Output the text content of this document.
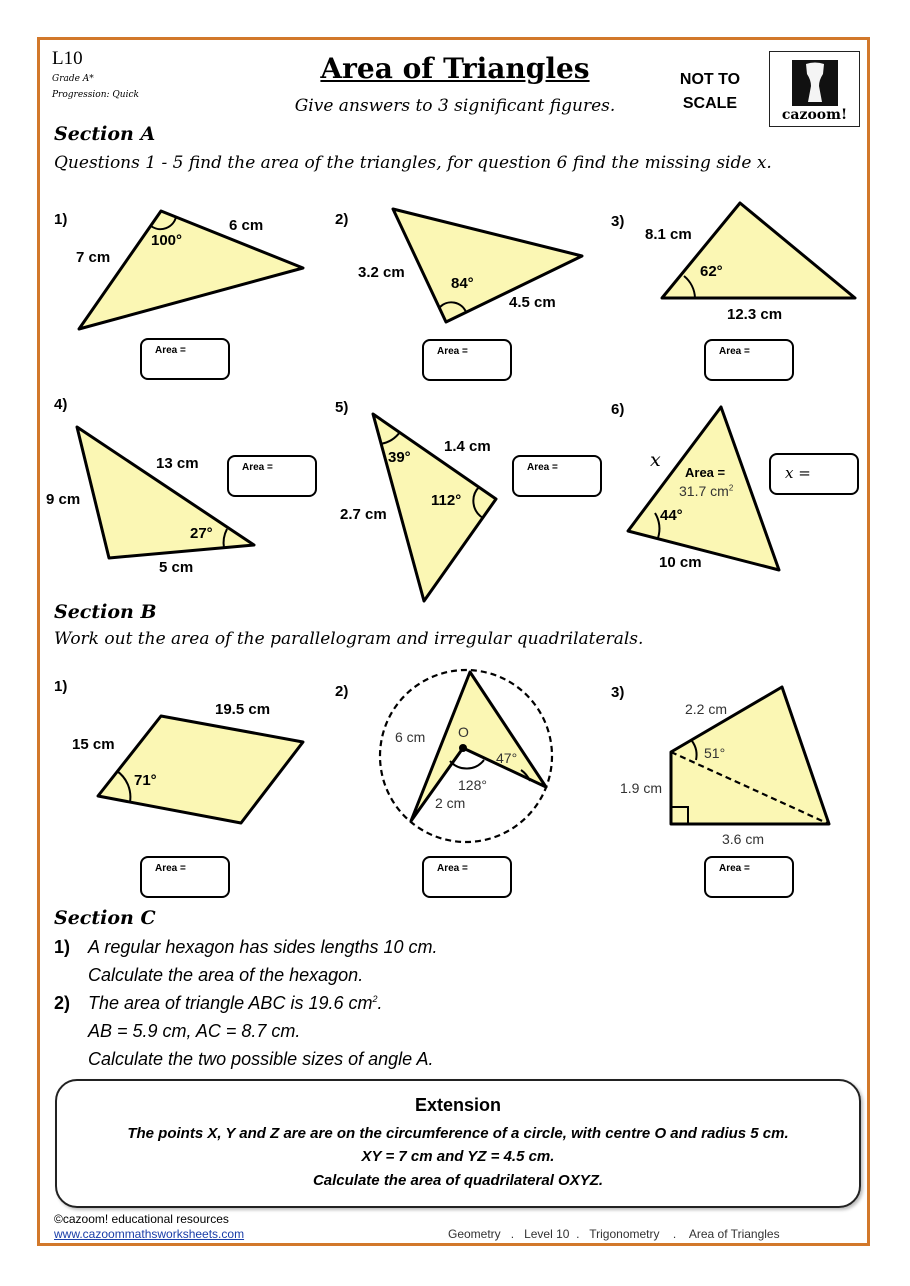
L10
Grade A*
Progression: Quick
Area of Triangles
Give answers to 3 significant figures.
NOT TO
SCALE
cazoom!
Section A
Questions 1 - 5 find the area of the triangles, for question 6 find the missing side x.
1)	6 cm
7 cm
100°
Area =
2)
3.2 cm
84°
4.5 cm
Area =
3)
8.1 cm
62°
12.3 cm
Area =
4)
13 cm
9 cm
27°
5 cm
Area =
5)
1.4 cm
39°
112°
2.7 cm
Area =
6)
x
Area =
31.7 $cm^2$
44°
10 cm
x =
Section B
Work out the area of the parallelogram and irregular quadrilaterals.
1)
19.5 cm
15 cm
71°
Area =
2)
6 cm O
47°
128°
2 cm
Area =
3)
2.2 cm
51°
1.9 cm
3.6 cm
Area =
Section C
1) A regular hexagon has sides lengths 10 cm.
Calculate the area of the hexagon.
2) The area of triangle ABC is 19.6 $cm^2$.
AB = 5.9 cm, AC = 8.7 cm.
Calculate the two possible sizes of angle A.
Extension
The points X, Y and Z are are on the circumference of a circle, with centre O and radius 5 cm.
XY = 7 cm and YZ = 4.5 cm.
Calculate the area of quadrilateral OXYZ.
©cazoom! educational resources
www.cazoommathsworksheets.com	Geometry . Level 10 . Trigonometry . Area of Triangles
